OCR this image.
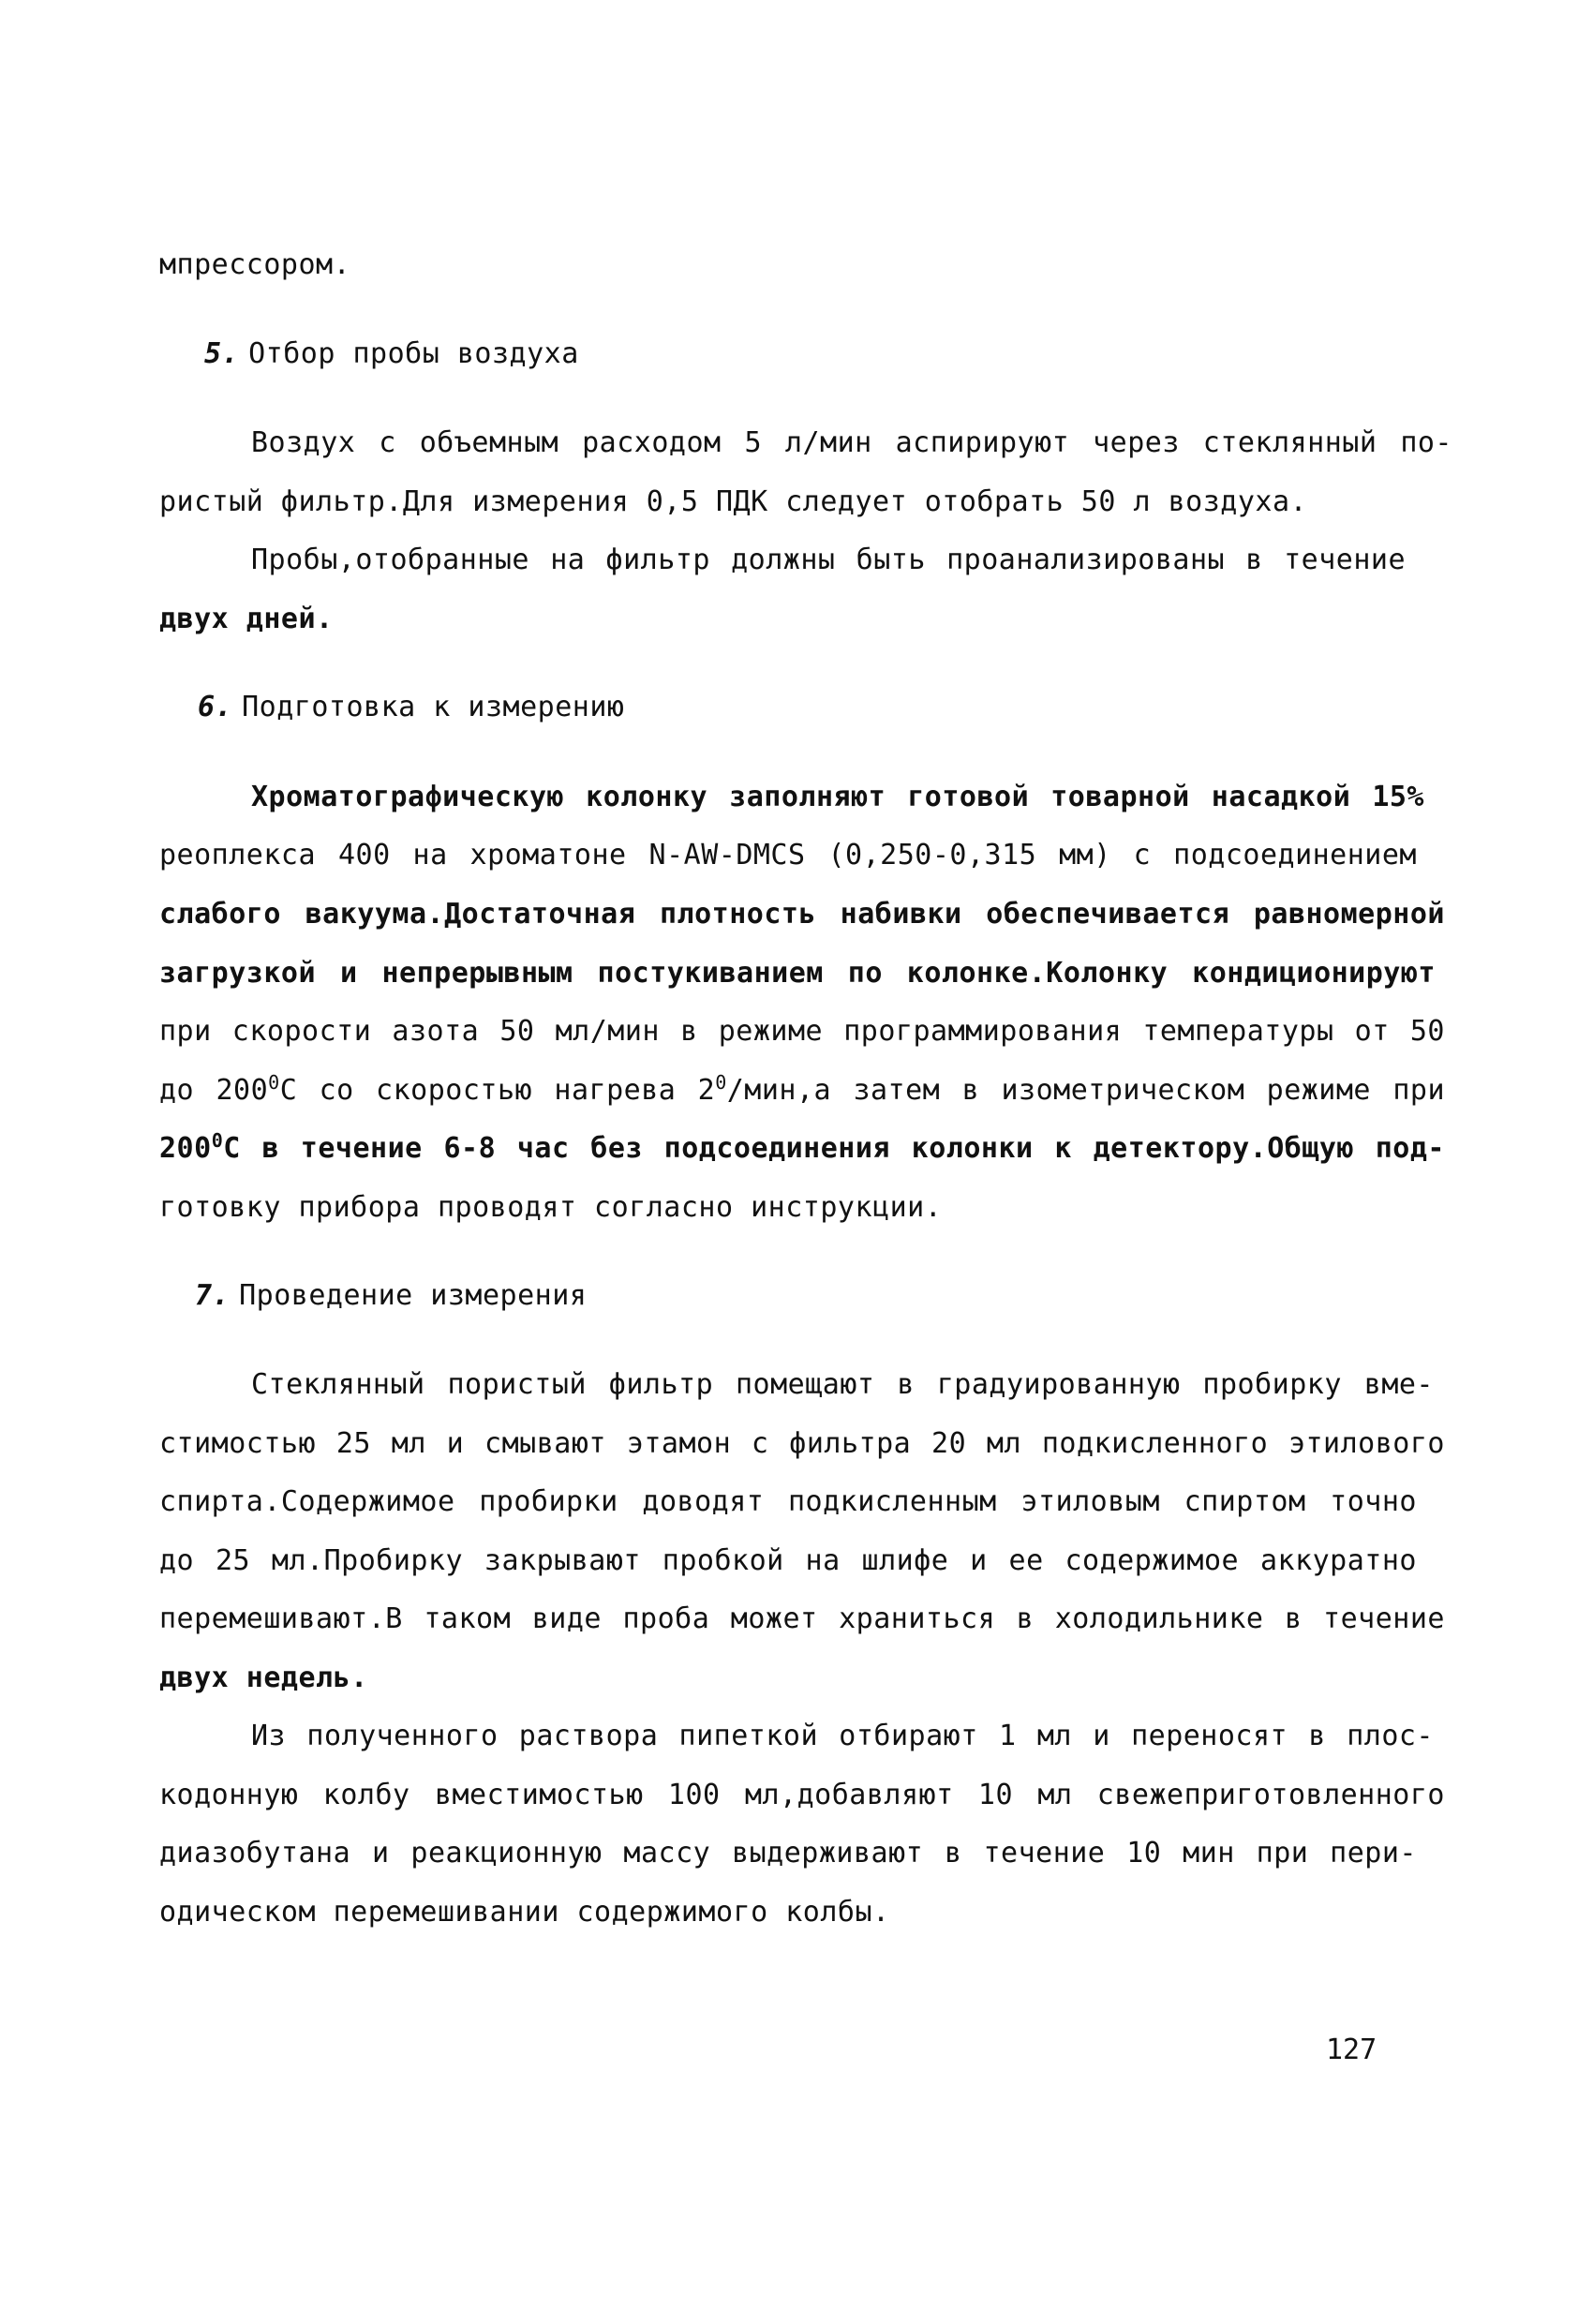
мпрессором.
5. Отбор пробы воздуха
Воздух с объемным расходом 5 л/мин аспирируют через стеклянный по-
ристый фильтр.Для измерения 0,5 ПДК следует отобрать 50 л воздуха.
Пробы,отобранные на фильтр должны быть проанализированы в течение
двух дней.
6. Подготовка к измерению
Хроматографическую колонку заполняют готовой товарной насадкой 15%
реоплекса 400 на хроматоне N-AW-DMCS (0,250-0,315 мм) с подсоединением
слабого вакуума.Достаточная плотность набивки обеспечивается равномерной
загрузкой и непрерывным постукиванием по колонке.Колонку кондиционируют
при скорости азота 50 мл/мин в режиме программирования температуры от 50
до $200^0С$ со скоростью нагрева $2^0/мин,а$ затем в изометрическом режиме при
$200^0С$ в течение 6-8 час без подсоединения колонки к детектору.Общую под-
готовку прибора проводят согласно инструкции.
7. Проведение измерения
Стеклянный пористый фильтр помещают в градуированную пробирку вме-
стимостью 25 мл и смывают этамон с фильтра 20 мл подкисленного этилового
спирта.Содержимое пробирки доводят подкисленным этиловым спиртом точно
до 25 мл.Пробирку закрывают пробкой на шлифе и ее содержимое аккуратно
перемешивают.В таком виде проба может храниться в холодильнике в течение
двух недель.
Из полученного раствора пипеткой отбирают 1 мл и переносят в плос-
кодонную колбу вместимостью 100 мл,добавляют 10 мл свежеприготовленного
диазобутана и реакционную массу выдерживают в течение 10 мин при пери-
одическом перемешивании содержимого колбы.
127
